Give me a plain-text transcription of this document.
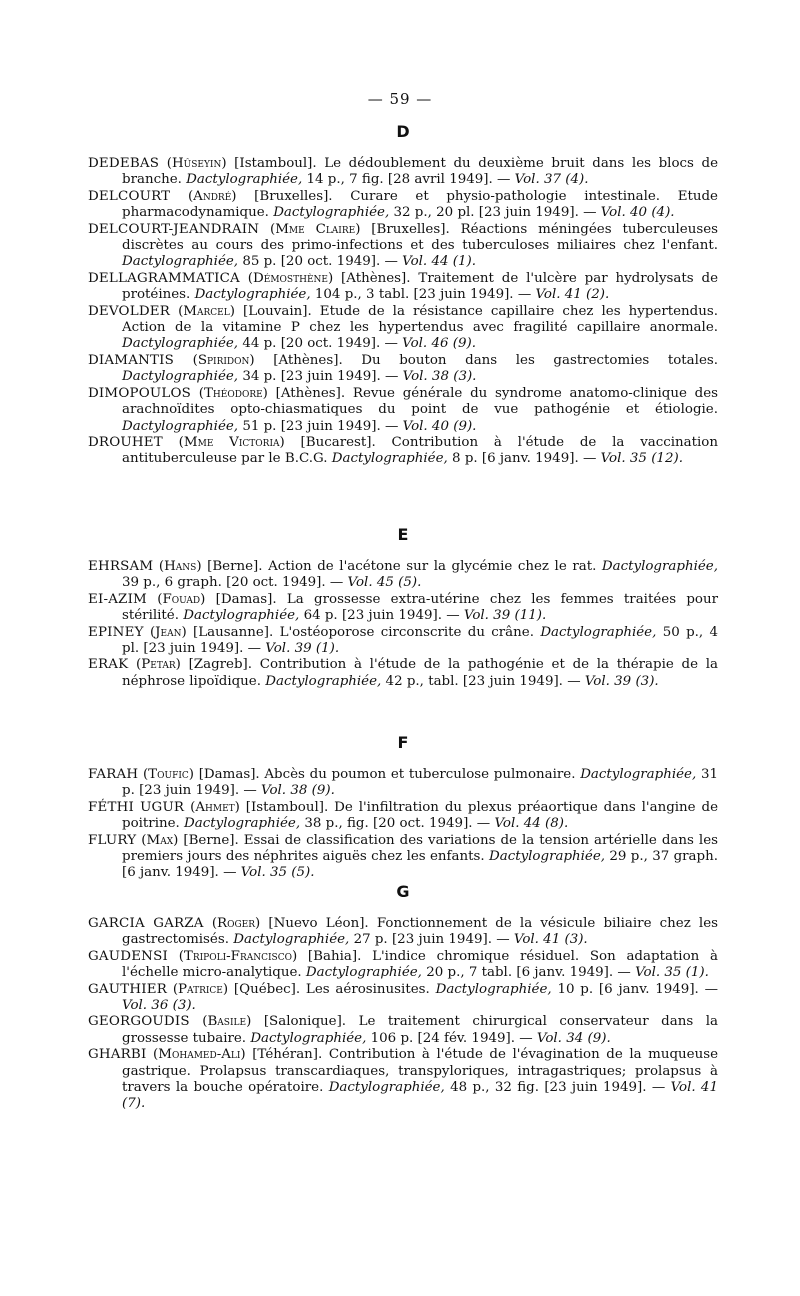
— 59 —
D

DEDEBAS (Hûseyin) [Istamboul]. Le dédoublement du deuxième bruit dans les blocs de branche. Dactylographiée, 14 p., 7 fig. [28 avril 1949]. — Vol. 37 (4).

DELCOURT (André) [Bruxelles]. Curare et physio-pathologie intestinale. Etude pharmacodynamique. Dactylographiée, 32 p., 20 pl. [23 juin 1949]. — Vol. 40 (4).

DELCOURT-JEANDRAIN (Mme Claire) [Bruxelles]. Réactions méningées tuberculeuses discrètes au cours des primo-infections et des tuberculoses miliaires chez l'enfant. Dactylographiée, 85 p. [20 oct. 1949]. — Vol. 44 (1).

DELLAGRAMMATICA (Démosthène) [Athènes]. Traitement de l'ulcère par hydrolysats de protéines. Dactylographiée, 104 p., 3 tabl. [23 juin 1949]. — Vol. 41 (2).

DEVOLDER (Marcel) [Louvain]. Etude de la résistance capillaire chez les hypertendus. Action de la vitamine P chez les hypertendus avec fragilité capillaire anormale. Dactylographiée, 44 p. [20 oct. 1949]. — Vol. 46 (9).

DIAMANTIS (Spiridon) [Athènes]. Du bouton dans les gastrectomies totales. Dactylographiée, 34 p. [23 juin 1949]. — Vol. 38 (3).

DIMOPOULOS (Théodore) [Athènes]. Revue générale du syndrome anatomo-clinique des arachnoïdites opto-chiasmatiques du point de vue pathogénie et étiologie. Dactylographiée, 51 p. [23 juin 1949]. — Vol. 40 (9).

DROUHET (Mme Victoria) [Bucarest]. Contribution à l'étude de la vaccination antituberculeuse par le B.C.G. Dactylographiée, 8 p. [6 janv. 1949]. — Vol. 35 (12).

E

EHRSAM (Hans) [Berne]. Action de l'acétone sur la glycémie chez le rat. Dactylographiée, 39 p., 6 graph. [20 oct. 1949]. — Vol. 45 (5).

EI-AZIM (Fouad) [Damas]. La grossesse extra-utérine chez les femmes traitées pour stérilité. Dactylographiée, 64 p. [23 juin 1949]. — Vol. 39 (11).

EPINEY (Jean) [Lausanne]. L'ostéoporose circonscrite du crâne. Dactylographiée, 50 p., 4 pl. [23 juin 1949]. — Vol. 39 (1).

ERAK (Petar) [Zagreb]. Contribution à l'étude de la pathogénie et de la thérapie de la néphrose lipoïdique. Dactylographiée, 42 p., tabl. [23 juin 1949]. — Vol. 39 (3).

F

FARAH (Toufic) [Damas]. Abcès du poumon et tuberculose pulmonaire. Dactylographiée, 31 p. [23 juin 1949]. — Vol. 38 (9).

FÉTHI UGUR (Ahmet) [Istamboul]. De l'infiltration du plexus préaortique dans l'angine de poitrine. Dactylographiée, 38 p., fig. [20 oct. 1949]. — Vol. 44 (8).

FLURY (Max) [Berne]. Essai de classification des variations de la tension artérielle dans les premiers jours des néphrites aiguës chez les enfants. Dactylographiée, 29 p., 37 graph. [6 janv. 1949]. — Vol. 35 (5).

G

GARCIA GARZA (Roger) [Nuevo Léon]. Fonctionnement de la vésicule biliaire chez les gastrectomisés. Dactylographiée, 27 p. [23 juin 1949]. — Vol. 41 (3).

GAUDENSI (Tripoli-Francisco) [Bahia]. L'indice chromique résiduel. Son adaptation à l'échelle micro-analytique. Dactylographiée, 20 p., 7 tabl. [6 janv. 1949]. — Vol. 35 (1).

GAUTHIER (Patrice) [Québec]. Les aérosinusites. Dactylographiée, 10 p. [6 janv. 1949]. — Vol. 36 (3).

GEORGOUDIS (Basile) [Salonique]. Le traitement chirurgical conservateur dans la grossesse tubaire. Dactylographiée, 106 p. [24 fév. 1949]. — Vol. 34 (9).

GHARBI (Mohamed-Ali) [Téhéran]. Contribution à l'étude de l'évagination de la muqueuse gastrique. Prolapsus transcardiaques, transpyloriques, intragastriques; prolapsus à travers la bouche opératoire. Dactylographiée, 48 p., 32 fig. [23 juin 1949]. — Vol. 41 (7).
